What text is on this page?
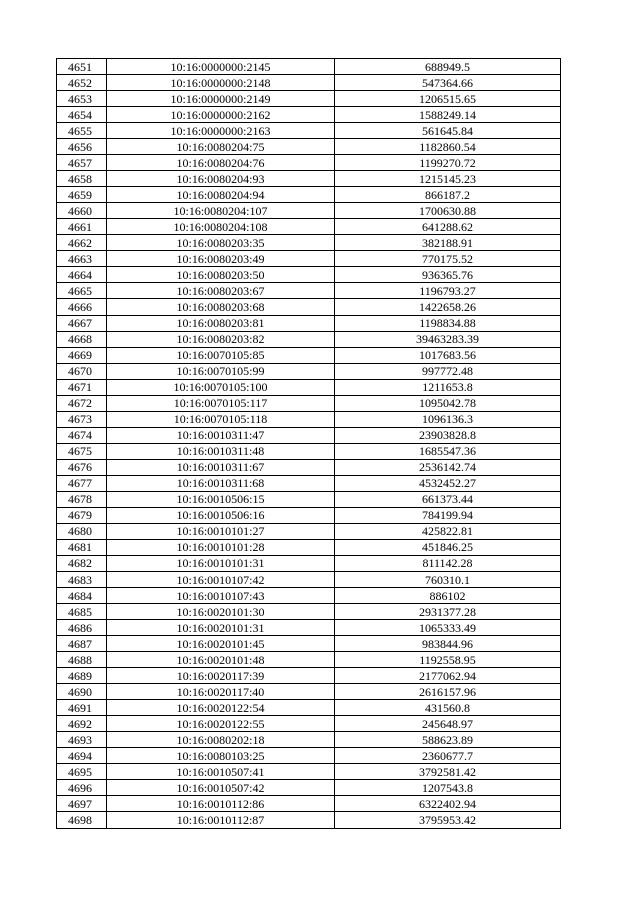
4651	10:16:0000000:2145	688949.5
4652	10:16:0000000:2148	547364.66
4653	10:16:0000000:2149	1206515.65
4654	10:16:0000000:2162	1588249.14
4655	10:16:0000000:2163	561645.84
4656	10:16:0080204:75	1182860.54
4657	10:16:0080204:76	1199270.72
4658	10:16:0080204:93	1215145.23
4659	10:16:0080204:94	866187.2
4660	10:16:0080204:107	1700630.88
4661	10:16:0080204:108	641288.62
4662	10:16:0080203:35	382188.91
4663	10:16:0080203:49	770175.52
4664	10:16:0080203:50	936365.76
4665	10:16:0080203:67	1196793.27
4666	10:16:0080203:68	1422658.26
4667	10:16:0080203:81	1198834.88
4668	10:16:0080203:82	39463283.39
4669	10:16:0070105:85	1017683.56
4670	10:16:0070105:99	997772.48
4671	10:16:0070105:100	1211653.8
4672	10:16:0070105:117	1095042.78
4673	10:16:0070105:118	1096136.3
4674	10:16:0010311:47	23903828.8
4675	10:16:0010311:48	1685547.36
4676	10:16:0010311:67	2536142.74
4677	10:16:0010311:68	4532452.27
4678	10:16:0010506:15	661373.44
4679	10:16:0010506:16	784199.94
4680	10:16:0010101:27	425822.81
4681	10:16:0010101:28	451846.25
4682	10:16:0010101:31	811142.28
4683	10:16:0010107:42	760310.1
4684	10:16:0010107:43	886102
4685	10:16:0020101:30	2931377.28
4686	10:16:0020101:31	1065333.49
4687	10:16:0020101:45	983844.96
4688	10:16:0020101:48	1192558.95
4689	10:16:0020117:39	2177062.94
4690	10:16:0020117:40	2616157.96
4691	10:16:0020122:54	431560.8
4692	10:16:0020122:55	245648.97
4693	10:16:0080202:18	588623.89
4694	10:16:0080103:25	2360677.7
4695	10:16:0010507:41	3792581.42
4696	10:16:0010507:42	1207543.8
4697	10:16:0010112:86	6322402.94
4698	10:16:0010112:87	3795953.42
